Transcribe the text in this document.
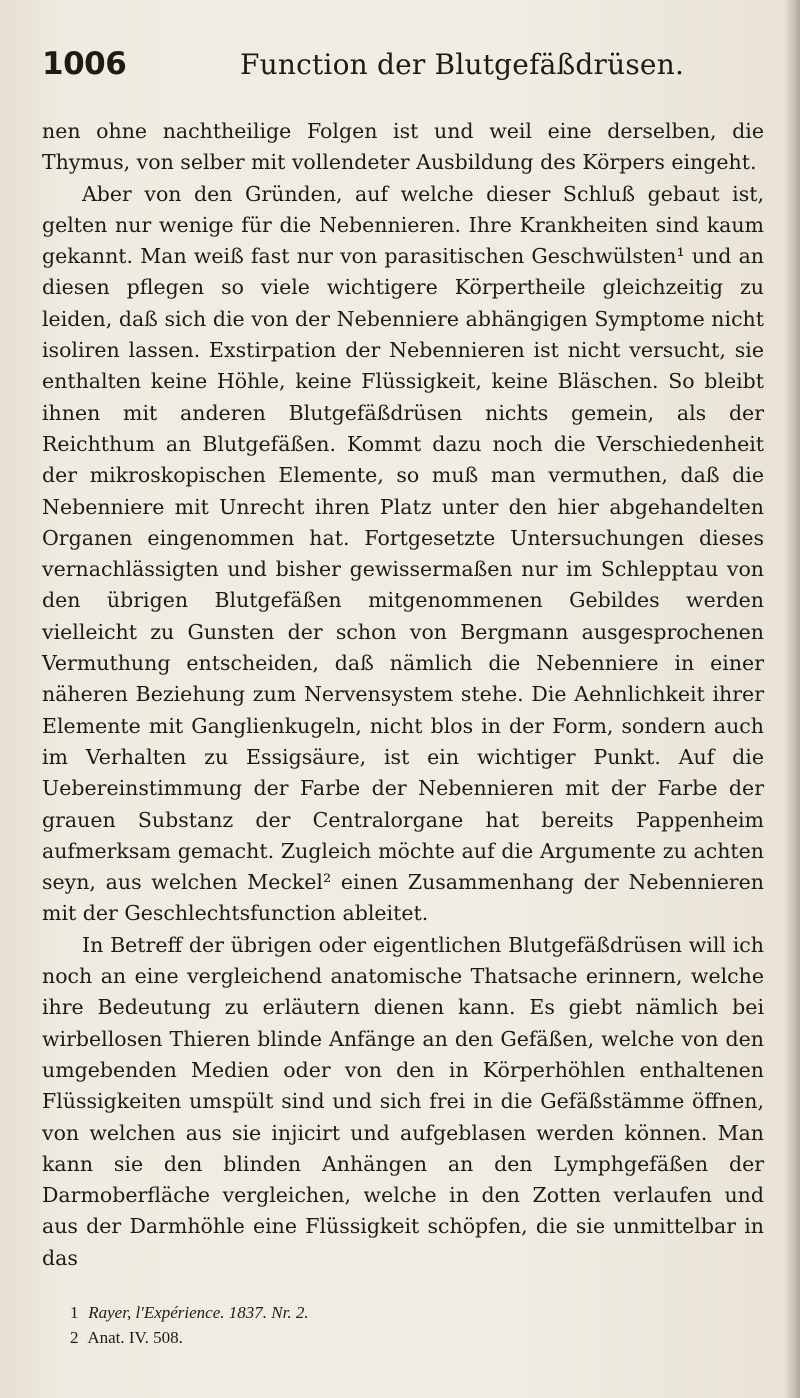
1006	Function der Blutgefäßdrüsen.

nen ohne nachtheilige Folgen ist und weil eine derselben, die Thymus, von selber mit vollendeter Ausbildung des Körpers eingeht.

Aber von den Gründen, auf welche dieser Schluß gebaut ist, gelten nur wenige für die Nebennieren. Ihre Krankheiten sind kaum gekannt. Man weiß fast nur von parasitischen Geschwülsten¹ und an diesen pflegen so viele wichtigere Körpertheile gleichzeitig zu leiden, daß sich die von der Nebenniere abhängigen Symptome nicht isoliren lassen. Exstirpation der Nebennieren ist nicht versucht, sie enthalten keine Höhle, keine Flüssigkeit, keine Bläschen. So bleibt ihnen mit anderen Blutgefäßdrüsen nichts gemein, als der Reichthum an Blutgefäßen. Kommt dazu noch die Verschiedenheit der mikroskopischen Elemente, so muß man vermuthen, daß die Nebenniere mit Unrecht ihren Platz unter den hier abgehandelten Organen eingenommen hat. Fortgesetzte Untersuchungen dieses vernachlässigten und bisher gewissermaßen nur im Schlepptau von den übrigen Blutgefäßen mitgenommenen Gebildes werden vielleicht zu Gunsten der schon von Bergmann ausgesprochenen Vermuthung entscheiden, daß nämlich die Nebenniere in einer näheren Beziehung zum Nervensystem stehe. Die Aehnlichkeit ihrer Elemente mit Ganglienkugeln, nicht blos in der Form, sondern auch im Verhalten zu Essigsäure, ist ein wichtiger Punkt. Auf die Uebereinstimmung der Farbe der Nebennieren mit der Farbe der grauen Substanz der Centralorgane hat bereits Pappenheim aufmerksam gemacht. Zugleich möchte auf die Argumente zu achten seyn, aus welchen Meckel² einen Zusammenhang der Nebennieren mit der Geschlechtsfunction ableitet.

In Betreff der übrigen oder eigentlichen Blutgefäßdrüsen will ich noch an eine vergleichend anatomische Thatsache erinnern, welche ihre Bedeutung zu erläutern dienen kann. Es giebt nämlich bei wirbellosen Thieren blinde Anfänge an den Gefäßen, welche von den umgebenden Medien oder von den in Körperhöhlen enthaltenen Flüssigkeiten umspült sind und sich frei in die Gefäßstämme öffnen, von welchen aus sie injicirt und aufgeblasen werden können. Man kann sie den blinden Anhängen an den Lymphgefäßen der Darmoberfläche vergleichen, welche in den Zotten verlaufen und aus der Darmhöhle eine Flüssigkeit schöpfen, die sie unmittelbar in das

1 Rayer, l'Expérience. 1837. Nr. 2.
2 Anat. IV. 508.
